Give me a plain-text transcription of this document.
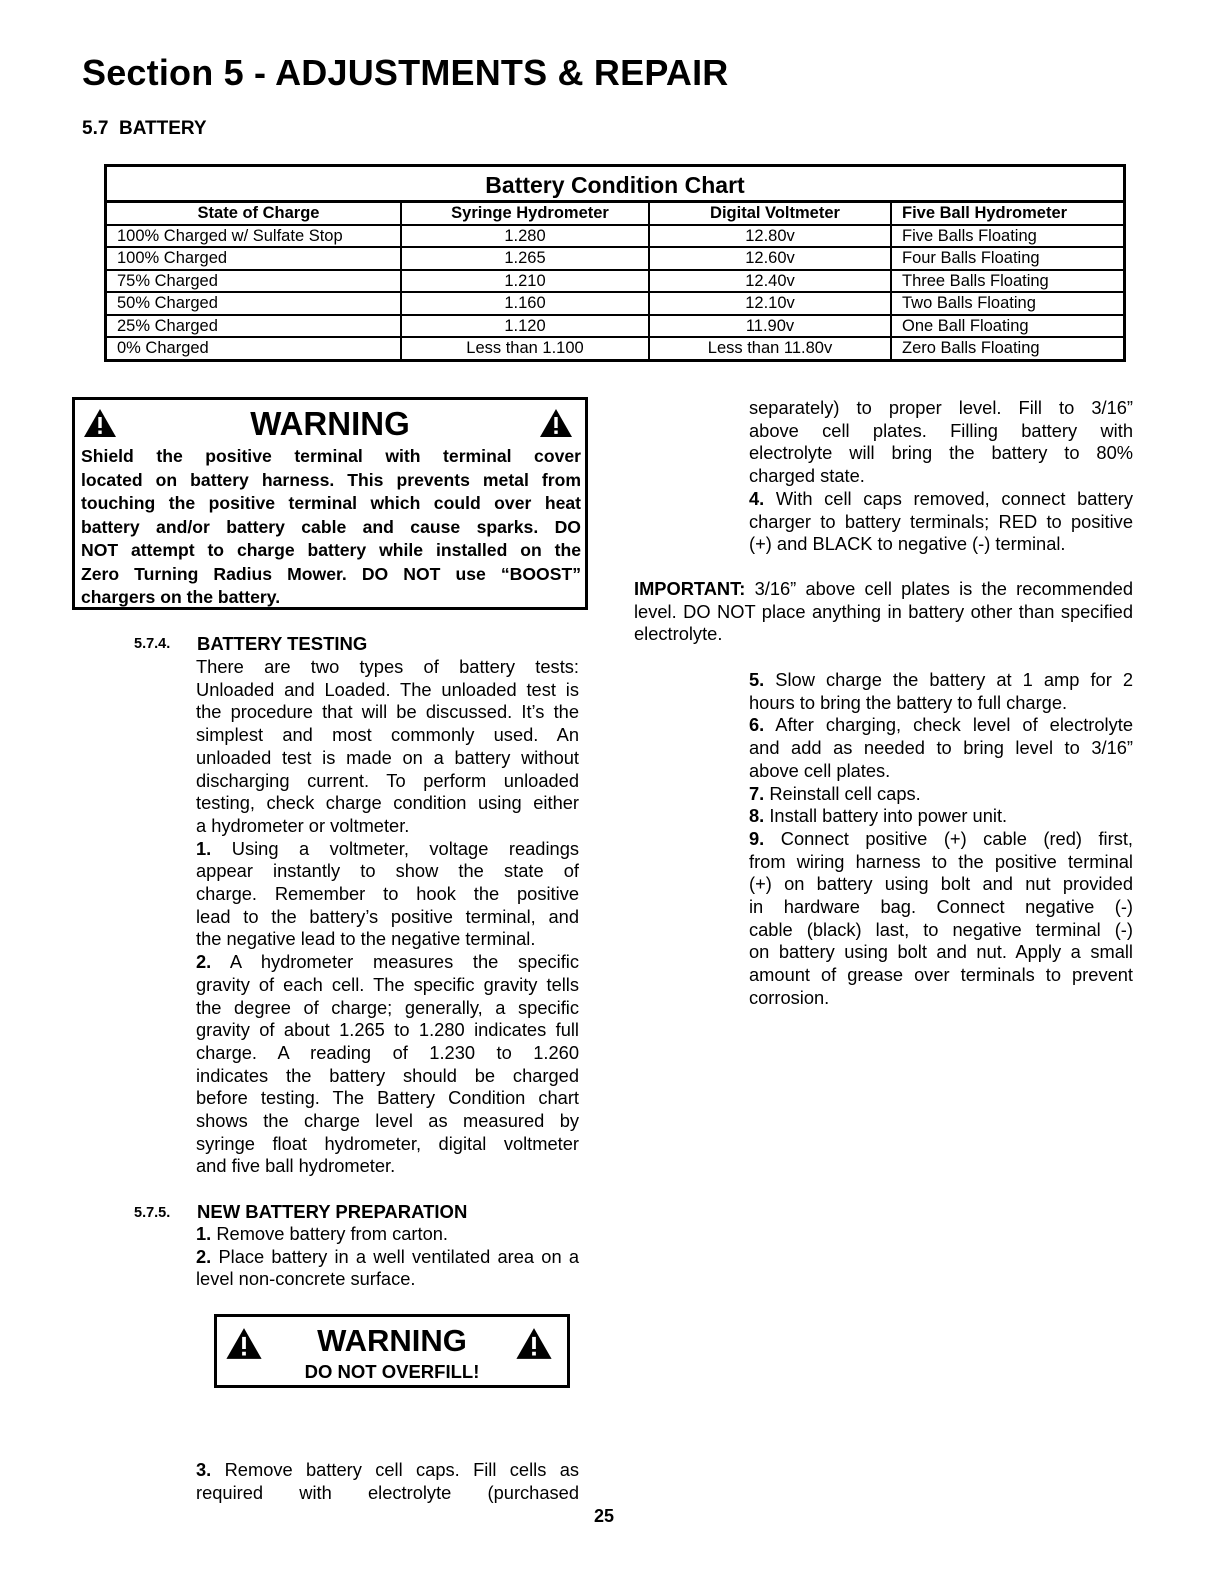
Section 5 - ADJUSTMENTS & REPAIR
5.7  BATTERY
Battery Condition Chart
State of Charge	Syringe Hydrometer	Digital Voltmeter	Five Ball Hydrometer
100% Charged w/ Sulfate Stop	1.280	12.80v	Five Balls Floating
100% Charged	1.265	12.60v	Four Balls Floating
75% Charged	1.210	12.40v	Three Balls Floating
50% Charged	1.160	12.10v	Two Balls Floating
25% Charged	1.120	11.90v	One Ball Floating
0% Charged	Less than 1.100	Less than 11.80v	Zero Balls Floating
WARNING
Shield the positive terminal with terminal cover
located on battery harness. This prevents metal from
touching the positive terminal which could over heat
battery and/or battery cable and cause sparks. DO
NOT attempt to charge battery while installed on the
Zero Turning Radius Mower. DO NOT use “BOOST”
chargers on the battery.
5.7.4. BATTERY TESTING
There are two types of battery tests:
Unloaded and Loaded. The unloaded test is
the procedure that will be discussed. It’s the
simplest and most commonly used. An
unloaded test is made on a battery without
discharging current. To perform unloaded
testing, check charge condition using either
a hydrometer or voltmeter.
1. Using a voltmeter, voltage readings
appear instantly to show the state of
charge. Remember to hook the positive
lead to the battery’s positive terminal, and
the negative lead to the negative terminal.
2. A hydrometer measures the specific
gravity of each cell. The specific gravity tells
the degree of charge; generally, a specific
gravity of about 1.265 to 1.280 indicates full
charge. A reading of 1.230 to 1.260
indicates the battery should be charged
before testing. The Battery Condition chart
shows the charge level as measured by
syringe float hydrometer, digital voltmeter
and five ball hydrometer.
5.7.5. NEW BATTERY PREPARATION
1. Remove battery from carton.
2. Place battery in a well ventilated area on a
level non-concrete surface.
WARNING
DO NOT OVERFILL!
3. Remove battery cell caps. Fill cells as
required with electrolyte (purchased
separately) to proper level. Fill to 3/16”
above cell plates. Filling battery with
electrolyte will bring the battery to 80%
charged state.
4. With cell caps removed, connect battery
charger to battery terminals; RED to positive
(+) and BLACK to negative (-) terminal.
IMPORTANT: 3/16” above cell plates is the recommended
level. DO NOT place anything in battery other than specified
electrolyte.
5. Slow charge the battery at 1 amp for 2
hours to bring the battery to full charge.
6. After charging, check level of electrolyte
and add as needed to bring level to 3/16”
above cell plates.
7. Reinstall cell caps.
8. Install battery into power unit.
9. Connect positive (+) cable (red) first,
from wiring harness to the positive terminal
(+) on battery using bolt and nut provided
in hardware bag. Connect negative (-)
cable (black) last, to negative terminal (-)
on battery using bolt and nut. Apply a small
amount of grease over terminals to prevent
corrosion.
25
